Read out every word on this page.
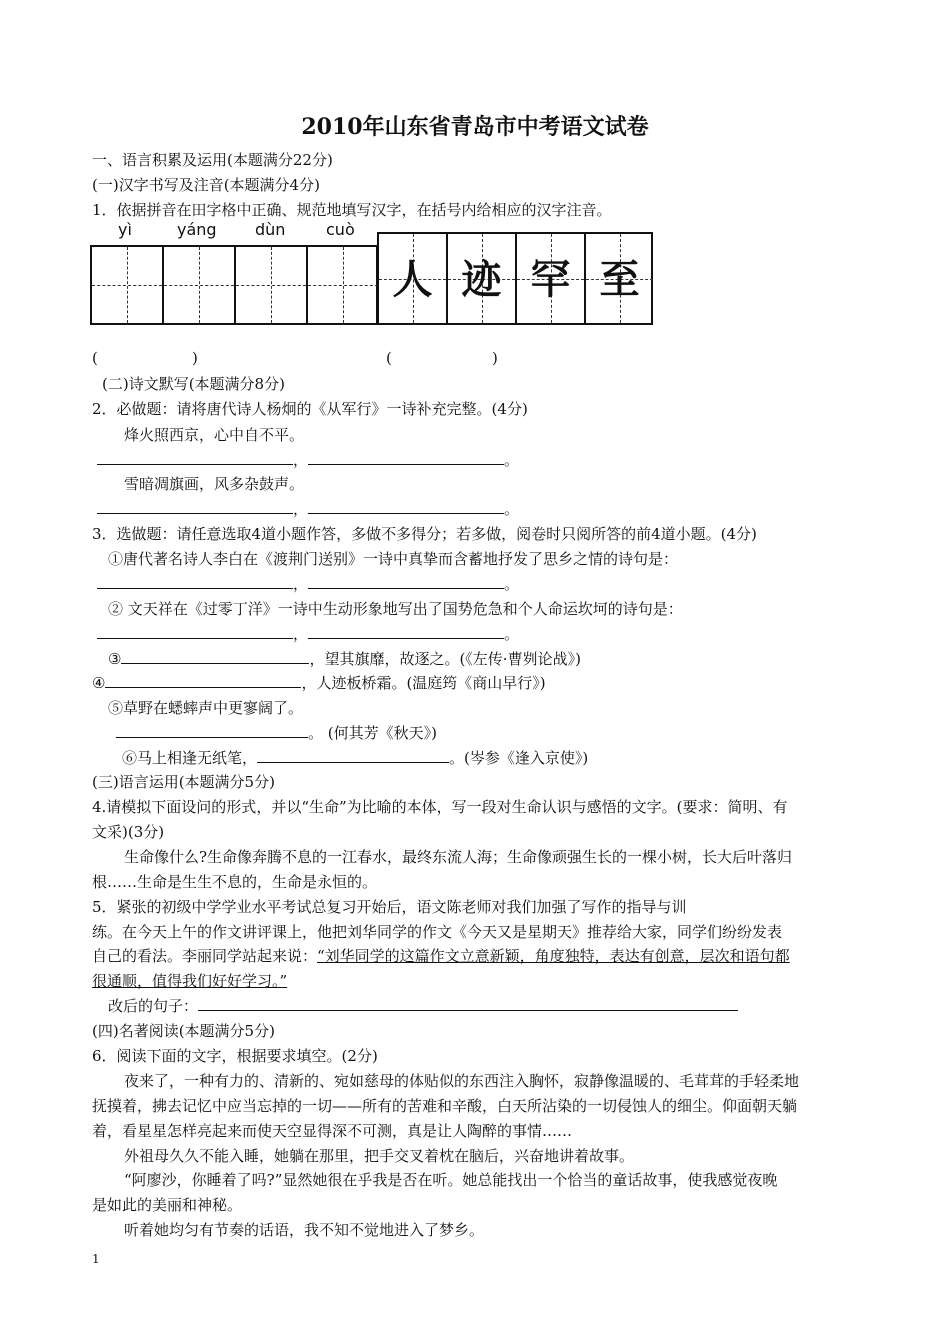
2010年山东省青岛市中考语文试卷
一、语言积累及运用(本题满分22分)
(一)汉字书写及注音(本题满分4分)
1．依据拼音在田字格中正确、规范地填写汉字，在括号内给相应的汉字注音。
yì	yáng dùn	cuò
人 迹 罕 至
(	)	(	)
(二)诗文默写(本题满分8分)
2．必做题：请将唐代诗人杨炯的《从军行》一诗补充完整。(4分)
烽火照西京，心中自不平。
，	。
雪暗凋旗画，风多杂鼓声。
，	。
3．选做题：请任意选取4道小题作答，多做不多得分；若多做，阅卷时只阅所答的前4道小题。(4分)
①唐代著名诗人李白在《渡荆门送别》一诗中真挚而含蓄地抒发了思乡之情的诗句是：
，	。
② 文天祥在《过零丁洋》一诗中生动形象地写出了国势危急和个人命运坎坷的诗句是：
，	。
③	，望其旗靡，故逐之。(《左传·曹刿论战》)
④	，人迹板桥霜。(温庭筠《商山早行》)
⑤草野在蟋蟀声中更寥阔了。
。 (何其芳《秋天》)
⑥马上相逢无纸笔，	。(岑参《逢入京使》)
(三)语言运用(本题满分5分)
4.请模拟下面设问的形式，并以“生命”为比喻的本体，写一段对生命认识与感悟的文字。(要求：简明、有
文采)(3分)
生命像什么?生命像奔腾不息的一江春水，最终东流人海；生命像顽强生长的一棵小树，长大后叶落归
根……生命是生生不息的，生命是永恒的。
5．紧张的初级中学学业水平考试总复习开始后，语文陈老师对我们加强了写作的指导与训
练。在今天上午的作文讲评课上，他把刘华同学的作文《今天又是星期天》推荐给大家，同学们纷纷发表
自己的看法。李丽同学站起来说：“刘华同学的这篇作文立意新颖，角度独特，表达有创意，层次和语句都
很通顺，值得我们好好学习。”
改后的句子：
(四)名著阅读(本题满分5分)
6．阅读下面的文字，根据要求填空。(2分)
夜来了，一种有力的、清新的、宛如慈母的体贴似的东西注入胸怀，寂静像温暖的、毛茸茸的手轻柔地
抚摸着，拂去记忆中应当忘掉的一切——所有的苦难和辛酸，白天所沾染的一切侵蚀人的细尘。仰面朝天躺
着，看星星怎样亮起来而使天空显得深不可测，真是让人陶醉的事情……
外祖母久久不能入睡，她躺在那里，把手交叉着枕在脑后，兴奋地讲着故事。
“阿廖沙，你睡着了吗?”显然她很在乎我是否在听。她总能找出一个恰当的童话故事，使我感觉夜晚
是如此的美丽和神秘。
听着她均匀有节奏的话语，我不知不觉地进入了梦乡。
1
